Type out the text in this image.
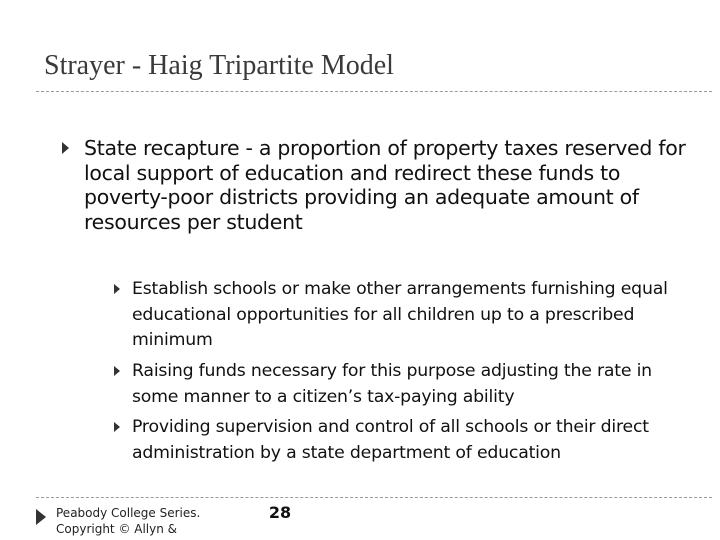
Strayer - Haig Tripartite Model
State recapture - a proportion of property taxes reserved for local support of education and redirect these funds to poverty-poor districts providing an adequate amount of resources per student
Establish schools or make other arrangements furnishing equal educational opportunities for all children up to a prescribed minimum
Raising funds necessary for this purpose adjusting the rate in some manner to a citizen’s tax-paying ability
Providing supervision and control of all schools or their direct administration by a state department of education
Peabody College Series.
Copyright © Allyn &
28
